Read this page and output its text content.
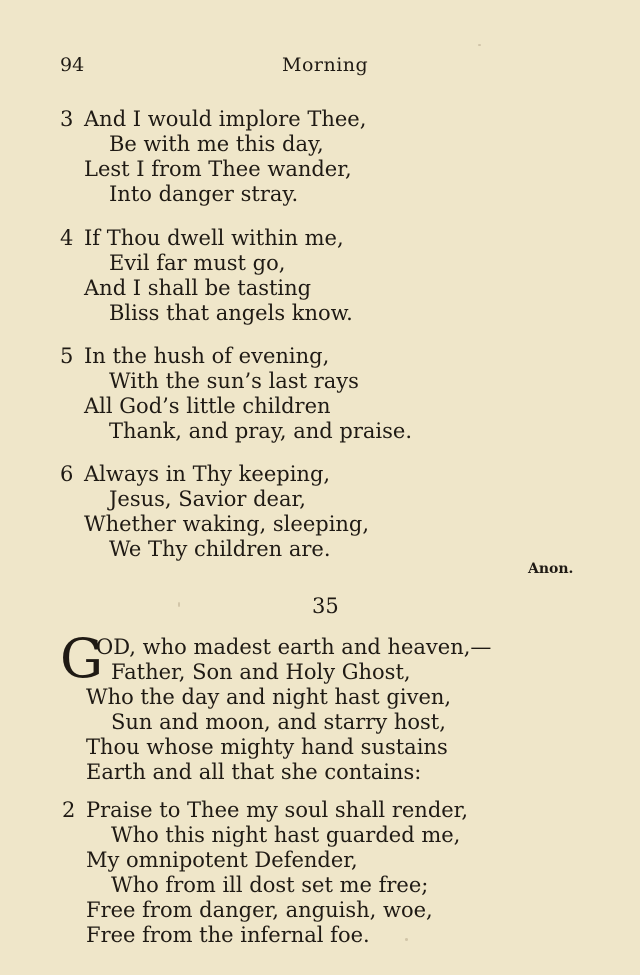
94	Morning
3 And I would implore Thee,
Be with me this day,
Lest I from Thee wander,
Into danger stray.
4 If Thou dwell within me,
Evil far must go,
And I shall be tasting
Bliss that angels know.
5 In the hush of evening,
With the sun’s last rays
All God’s little children
Thank, and pray, and praise.
6 Always in Thy keeping,
Jesus, Savior dear,
Whether waking, sleeping,
We Thy children are.
Anon.
35
G
OD, who madest earth and heaven,—
Father, Son and Holy Ghost,
Who the day and night hast given,
Sun and moon, and starry host,
Thou whose mighty hand sustains
Earth and all that she contains:
2 Praise to Thee my soul shall render,
Who this night hast guarded me,
My omnipotent Defender,
Who from ill dost set me free;
Free from danger, anguish, woe,
Free from the infernal foe.
